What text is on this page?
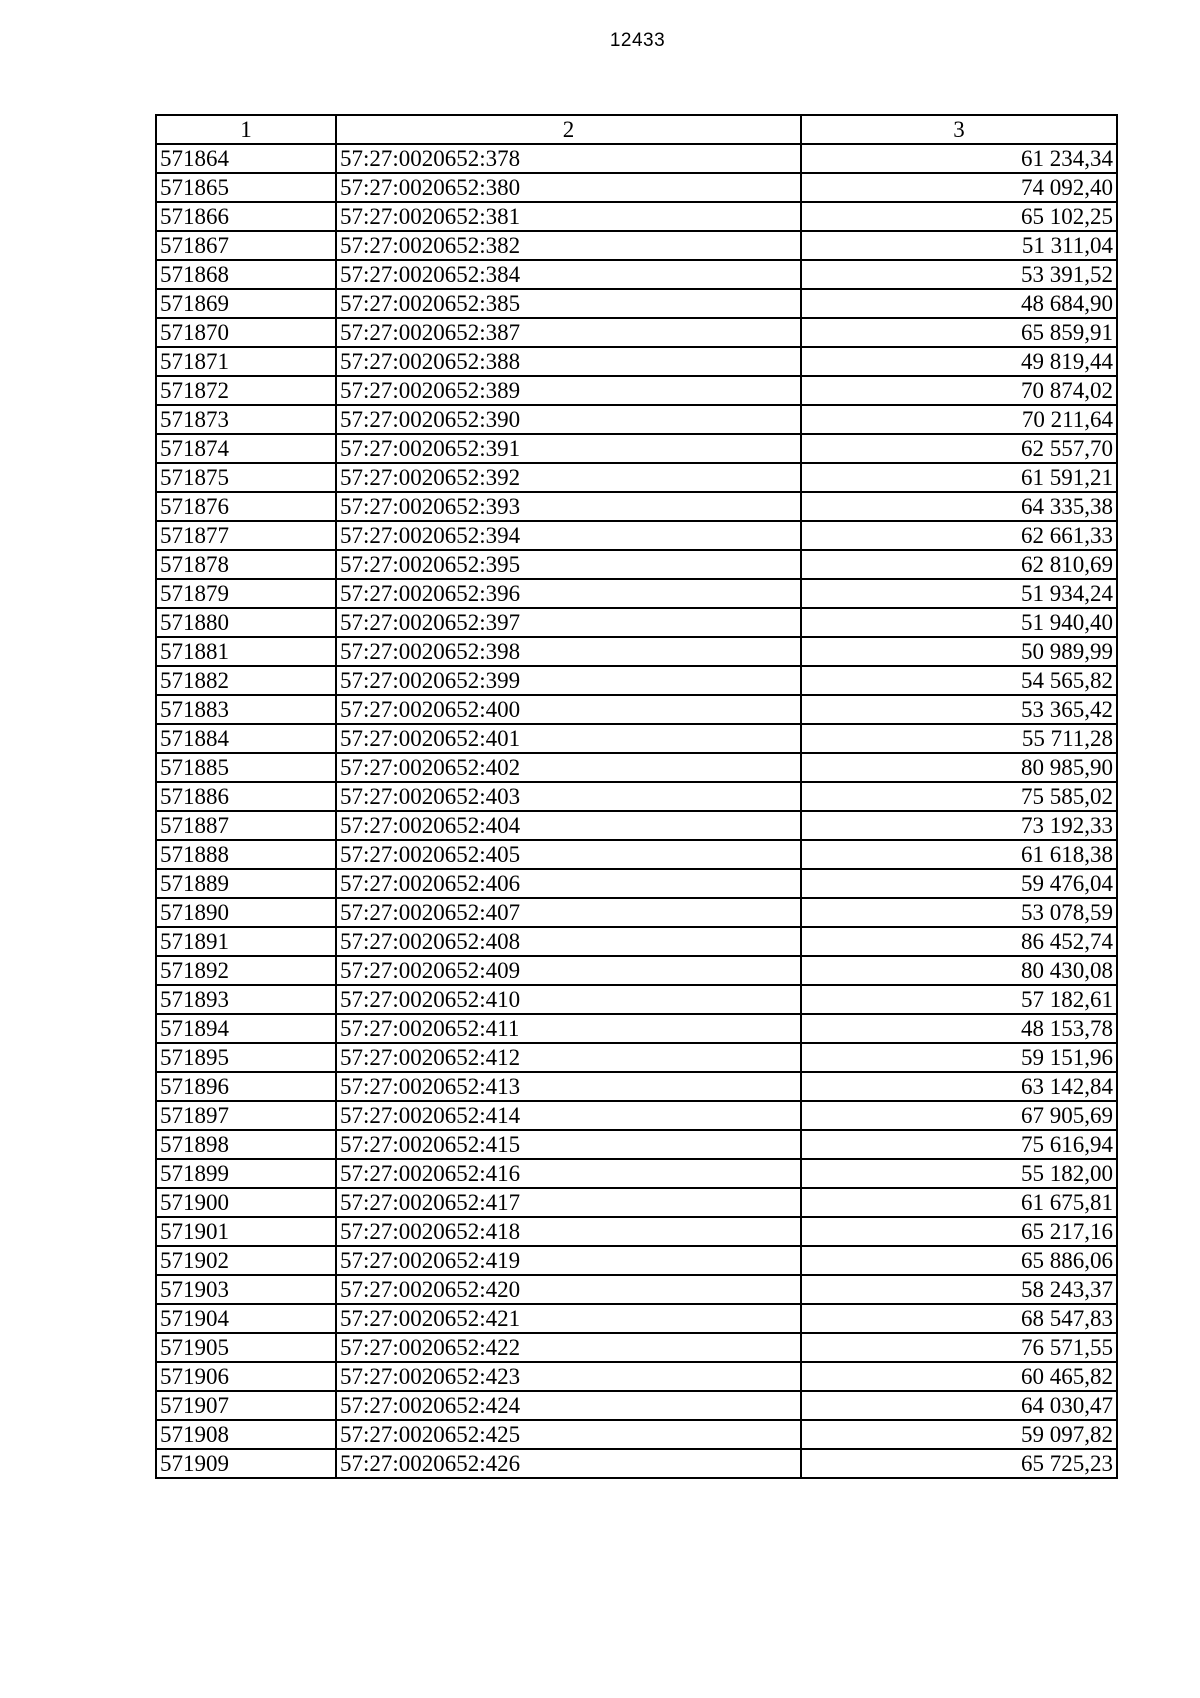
12433
1	2	3
571864	57:27:0020652:378	61 234,34
571865	57:27:0020652:380	74 092,40
571866	57:27:0020652:381	65 102,25
571867	57:27:0020652:382	51 311,04
571868	57:27:0020652:384	53 391,52
571869	57:27:0020652:385	48 684,90
571870	57:27:0020652:387	65 859,91
571871	57:27:0020652:388	49 819,44
571872	57:27:0020652:389	70 874,02
571873	57:27:0020652:390	70 211,64
571874	57:27:0020652:391	62 557,70
571875	57:27:0020652:392	61 591,21
571876	57:27:0020652:393	64 335,38
571877	57:27:0020652:394	62 661,33
571878	57:27:0020652:395	62 810,69
571879	57:27:0020652:396	51 934,24
571880	57:27:0020652:397	51 940,40
571881	57:27:0020652:398	50 989,99
571882	57:27:0020652:399	54 565,82
571883	57:27:0020652:400	53 365,42
571884	57:27:0020652:401	55 711,28
571885	57:27:0020652:402	80 985,90
571886	57:27:0020652:403	75 585,02
571887	57:27:0020652:404	73 192,33
571888	57:27:0020652:405	61 618,38
571889	57:27:0020652:406	59 476,04
571890	57:27:0020652:407	53 078,59
571891	57:27:0020652:408	86 452,74
571892	57:27:0020652:409	80 430,08
571893	57:27:0020652:410	57 182,61
571894	57:27:0020652:411	48 153,78
571895	57:27:0020652:412	59 151,96
571896	57:27:0020652:413	63 142,84
571897	57:27:0020652:414	67 905,69
571898	57:27:0020652:415	75 616,94
571899	57:27:0020652:416	55 182,00
571900	57:27:0020652:417	61 675,81
571901	57:27:0020652:418	65 217,16
571902	57:27:0020652:419	65 886,06
571903	57:27:0020652:420	58 243,37
571904	57:27:0020652:421	68 547,83
571905	57:27:0020652:422	76 571,55
571906	57:27:0020652:423	60 465,82
571907	57:27:0020652:424	64 030,47
571908	57:27:0020652:425	59 097,82
571909	57:27:0020652:426	65 725,23
